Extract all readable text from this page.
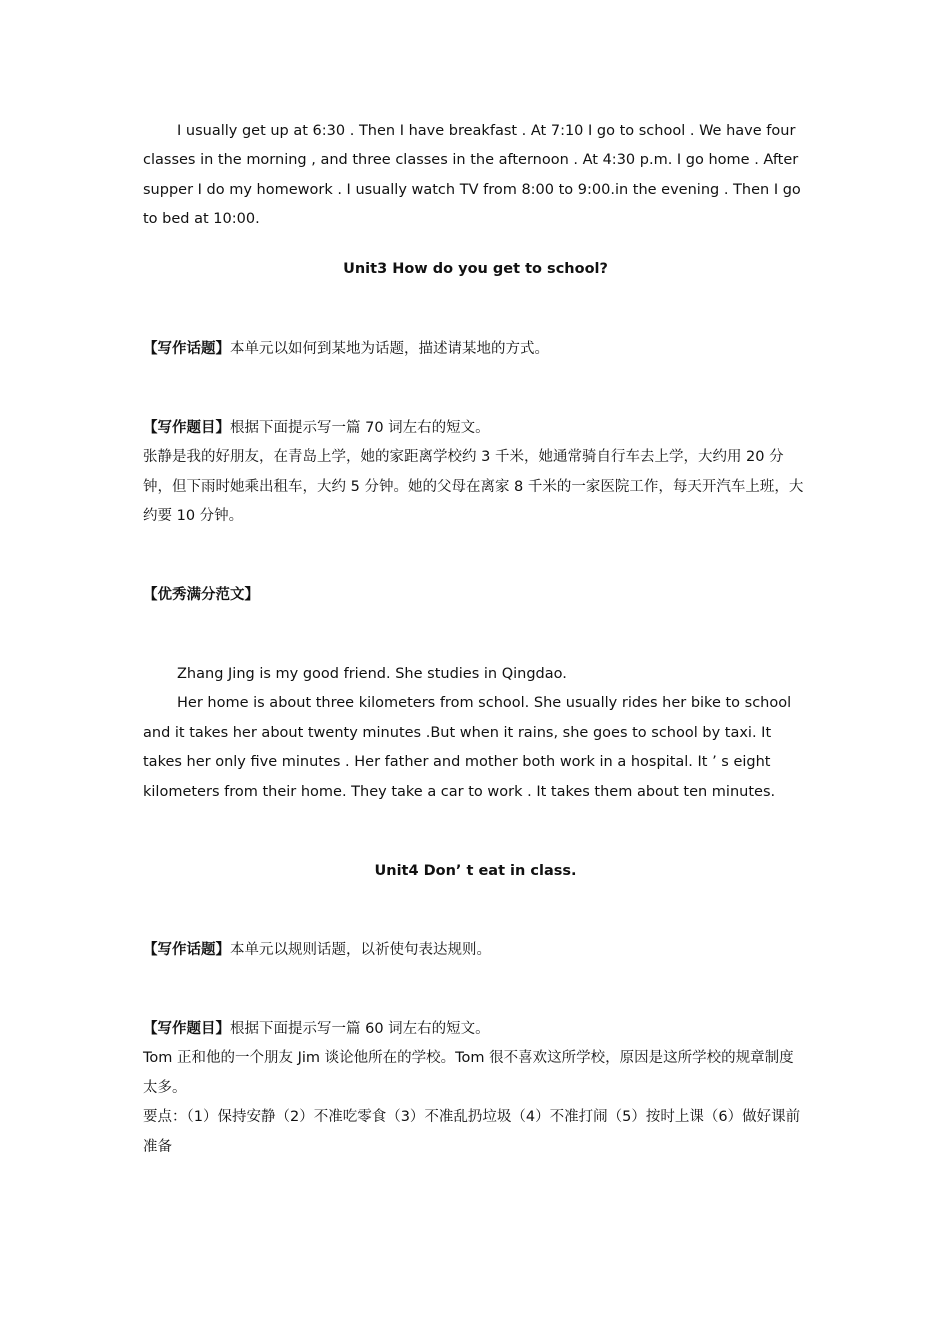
I usually get up at 6:30 . Then I have breakfast . At 7:10 I go to school . We have four classes in the morning , and three classes in the afternoon . At 4:30 p.m. I go home . After supper I do my homework . I usually watch TV from 8:00 to 9:00.in the evening . Then I go to bed at 10:00.

Unit3 How do you get to school?

【写作话题】本单元以如何到某地为话题，描述请某地的方式。

【写作题目】根据下面提示写一篇 70 词左右的短文。

张静是我的好朋友，在青岛上学，她的家距离学校约 3 千米，她通常骑自行车去上学，大约用 20 分钟，但下雨时她乘出租车，大约 5 分钟。她的父母在离家 8 千米的一家医院工作，每天开汽车上班，大约要 10 分钟。

【优秀满分范文】

Zhang Jing is my good friend. She studies in Qingdao.

Her home is about three kilometers from school. She usually rides her bike to school and it takes her about twenty minutes .But when it rains, she goes to school by taxi. It takes her only five minutes . Her father and mother both work in a hospital. It ’ s eight kilometers from their home. They take a car to work . It takes them about ten minutes.

Unit4 Don’ t eat in class.

【写作话题】本单元以规则话题，以祈使句表达规则。

【写作题目】根据下面提示写一篇 60 词左右的短文。

Tom 正和他的一个朋友 Jim 谈论他所在的学校。Tom 很不喜欢这所学校，原因是这所学校的规章制度太多。

要点：（1）保持安静（2）不准吃零食（3）不准乱扔垃圾（4）不准打闹（5）按时上课（6）做好课前准备
